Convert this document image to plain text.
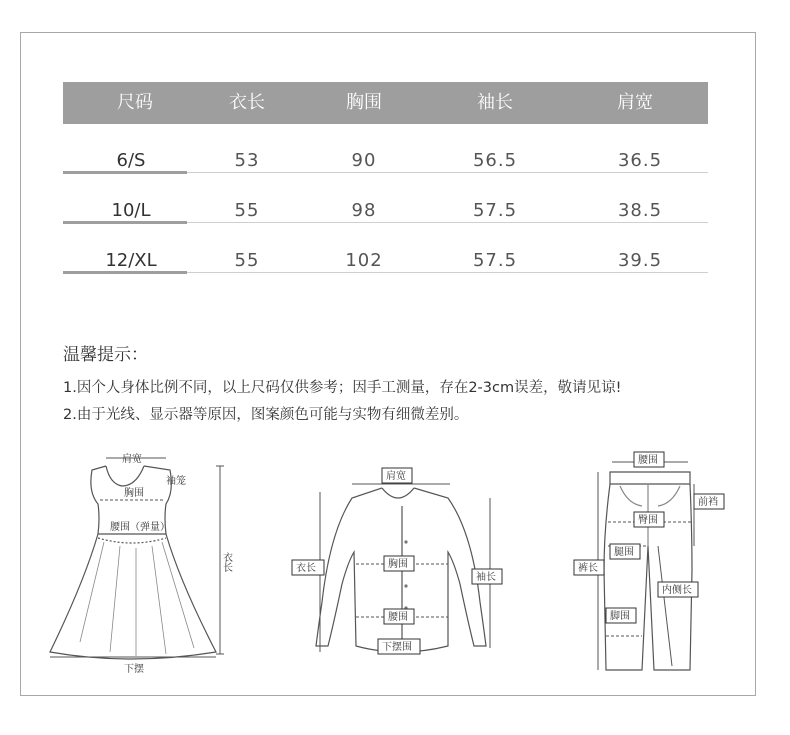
尺码	衣长	胸围	袖长	肩宽
6/S	53	90	56.5	36.5
10/L	55	98	57.5	38.5
12/XL	55	102	57.5	39.5
温馨提示：
1.因个人身体比例不同，以上尺码仅供参考；因手工测量，存在2-3cm误差，敬请见谅!
2.由于光线、显示器等原因，图案颜色可能与实物有细微差别。
肩宽
胸围
袖笼
腰围（弹量）
衣长
下摆
肩宽
衣长	胸围
袖长
腰围
下摆围
腰围
前裆
臀围
腿围
裤长
内侧长
脚围
